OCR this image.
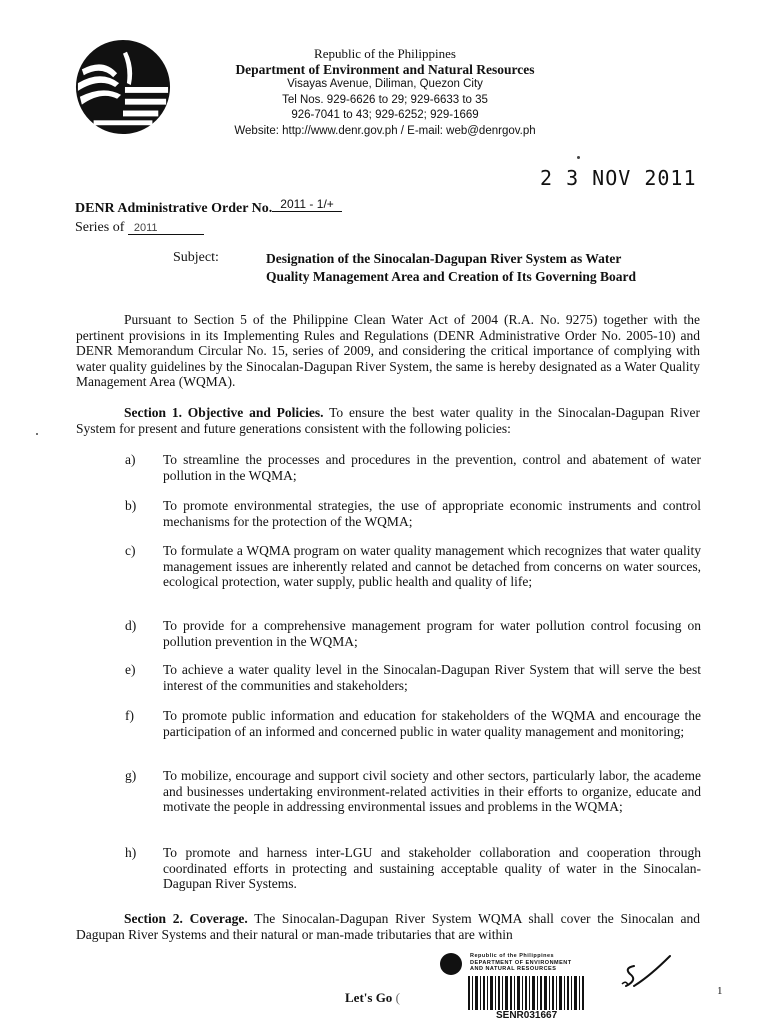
Republic of the Philippines
Department of Environment and Natural Resources
Visayas Avenue, Diliman, Quezon City
Tel Nos. 929-6626 to 29; 929-6633 to 35
926-7041 to 43; 929-6252; 929-1669
Website: http://www.denr.gov.ph / E-mail: web@denrgov.ph
2 3 NOV 2011
DENR Administrative Order No. 2011 - 1/+
Series of 2011
Subject:	Designation of the Sinocalan-Dagupan River System as Water Quality Management Area and Creation of Its Governing Board
Pursuant to Section 5 of the Philippine Clean Water Act of 2004 (R.A. No. 9275) together with the pertinent provisions in its Implementing Rules and Regulations (DENR Administrative Order No. 2005-10) and DENR Memorandum Circular No. 15, series of 2009, and considering the critical importance of complying with water quality guidelines by the Sinocalan-Dagupan River System, the same is hereby designated as a Water Quality Management Area (WQMA).
Section 1. Objective and Policies. To ensure the best water quality in the Sinocalan-Dagupan River System for present and future generations consistent with the following policies:
a) To streamline the processes and procedures in the prevention, control and abatement of water pollution in the WQMA;
b) To promote environmental strategies, the use of appropriate economic instruments and control mechanisms for the protection of the WQMA;
c) To formulate a WQMA program on water quality management which recognizes that water quality management issues are inherently related and cannot be detached from concerns on water sources, ecological protection, water supply, public health and quality of life;
d) To provide for a comprehensive management program for water pollution control focusing on pollution prevention in the WQMA;
e) To achieve a water quality level in the Sinocalan-Dagupan River System that will serve the best interest of the communities and stakeholders;
f) To promote public information and education for stakeholders of the WQMA and encourage the participation of an informed and concerned public in water quality management and monitoring;
g) To mobilize, encourage and support civil society and other sectors, particularly labor, the academe and businesses undertaking environment-related activities in their efforts to organize, educate and motivate the people in addressing environmental issues and problems in the WQMA;
h) To promote and harness inter-LGU and stakeholder collaboration and cooperation through coordinated efforts in protecting and sustaining acceptable quality of water in the Sinocalan-Dagupan River Systems.
Section 2. Coverage. The Sinocalan-Dagupan River System WQMA shall cover the Sinocalan and Dagupan River Systems and their natural or man-made tributaries that are within
Republic of the Philippines
DEPARTMENT OF ENVIRONMENT
AND NATURAL RESOURCES
SENR031667
Let's Go (	1
